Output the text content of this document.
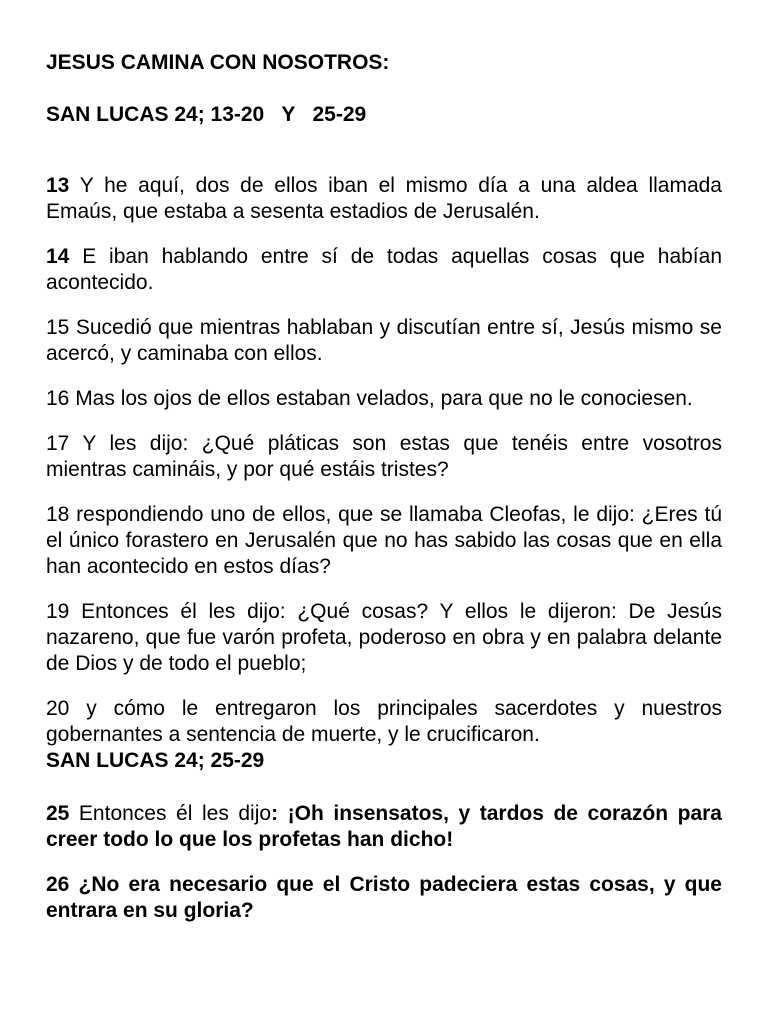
JESUS CAMINA CON NOSOTROS:

SAN LUCAS 24; 13-20   Y   25-29

13 Y he aquí, dos de ellos iban el mismo día a una aldea llamada Emaús, que estaba a sesenta estadios de Jerusalén.

14 E iban hablando entre sí de todas aquellas cosas que habían acontecido.

15 Sucedió que mientras hablaban y discutían entre sí, Jesús mismo se acercó, y caminaba con ellos.

16 Mas los ojos de ellos estaban velados, para que no le conociesen.

17 Y les dijo: ¿Qué pláticas son estas que tenéis entre vosotros mientras camináis, y por qué estáis tristes?

18 respondiendo uno de ellos, que se llamaba Cleofas, le dijo: ¿Eres tú el único forastero en Jerusalén que no has sabido las cosas que en ella han acontecido en estos días?

19 Entonces él les dijo: ¿Qué cosas? Y ellos le dijeron: De Jesús nazareno, que fue varón profeta, poderoso en obra y en palabra delante de Dios y de todo el pueblo;

20 y cómo le entregaron los principales sacerdotes y nuestros gobernantes a sentencia de muerte, y le crucificaron.

SAN LUCAS 24; 25-29

25 Entonces él les dijo: ¡Oh insensatos, y tardos de corazón para creer todo lo que los profetas han dicho!

26 ¿No era necesario que el Cristo padeciera estas cosas, y que entrara en su gloria?
